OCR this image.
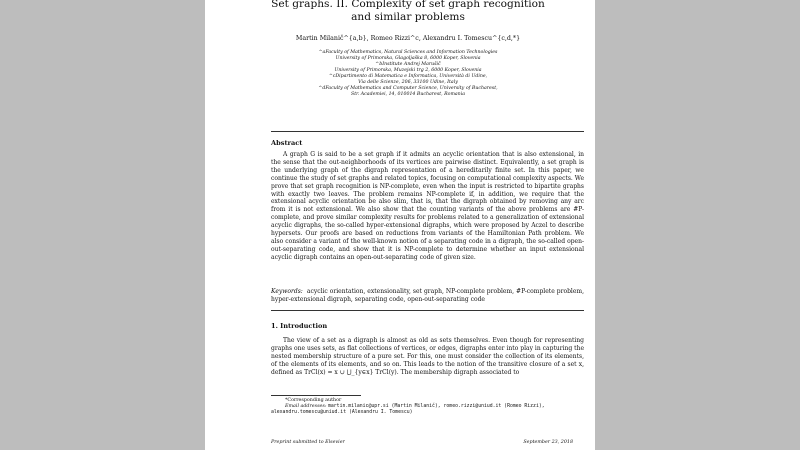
Set graphs. II. Complexity of set graph recognition and similar problems
Martin Milanič^{a,b}, Romeo Rizzi^c, Alexandru I. Tomescu^{c,d,*}
^aFaculty of Mathematics, Natural Sciences and Information Technologies
University of Primorska, Glagoljaška 8, 6000 Koper, Slovenia
^bInstitute Andrej Marušič
University of Primorska, Muzejski trg 2, 6000 Koper, Slovenia
^cDipartimento di Matematica e Informatica, Università di Udine,
Via delle Scienze, 206, 33100 Udine, Italy
^dFaculty of Mathematics and Computer Science, University of Bucharest,
Str. Academiei, 14, 010014 Bucharest, Romania
Abstract
A graph G is said to be a set graph if it admits an acyclic orientation that is also extensional, in the sense that the out-neighborhoods of its vertices are pairwise distinct. Equivalently, a set graph is the underlying graph of the digraph representation of a hereditarily finite set. In this paper, we continue the study of set graphs and related topics, focusing on computational complexity aspects. We prove that set graph recognition is NP-complete, even when the input is restricted to bipartite graphs with exactly two leaves. The problem remains NP-complete if, in addition, we require that the extensional acyclic orientation be also slim, that is, that the digraph obtained by removing any arc from it is not extensional. We also show that the counting variants of the above problems are #P-complete, and prove similar complexity results for problems related to a generalization of extensional acyclic digraphs, the so-called hyper-extensional digraphs, which were proposed by Aczel to describe hypersets. Our proofs are based on reductions from variants of the Hamiltonian Path problem. We also consider a variant of the well-known notion of a separating code in a digraph, the so-called open-out-separating code, and show that it is NP-complete to determine whether an input extensional acyclic digraph contains an open-out-separating code of given size.
Keywords: acyclic orientation, extensionality, set graph, NP-complete problem, #P-complete problem, hyper-extensional digraph, separating code, open-out-separating code
1. Introduction
The view of a set as a digraph is almost as old as sets themselves. Even though for representing graphs one uses sets, as flat collections of vertices, or edges, digraphs enter into play in capturing the nested membership structure of a pure set. For this, one must consider the collection of its elements, of the elements of its elements, and so on. This leads to the notion of the transitive closure of a set x, defined as TrCl(x) = x ∪ ⋃_{y∈x} TrCl(y). The membership digraph associated to
*Corresponding author
Email addresses: martin.milanic@upr.si (Martin Milanič), romeo.rizzi@uniud.it (Romeo Rizzi),
alexandru.tomescu@uniud.it (Alexandru I. Tomescu)
Preprint submitted to Elsevier	September 23, 2018
